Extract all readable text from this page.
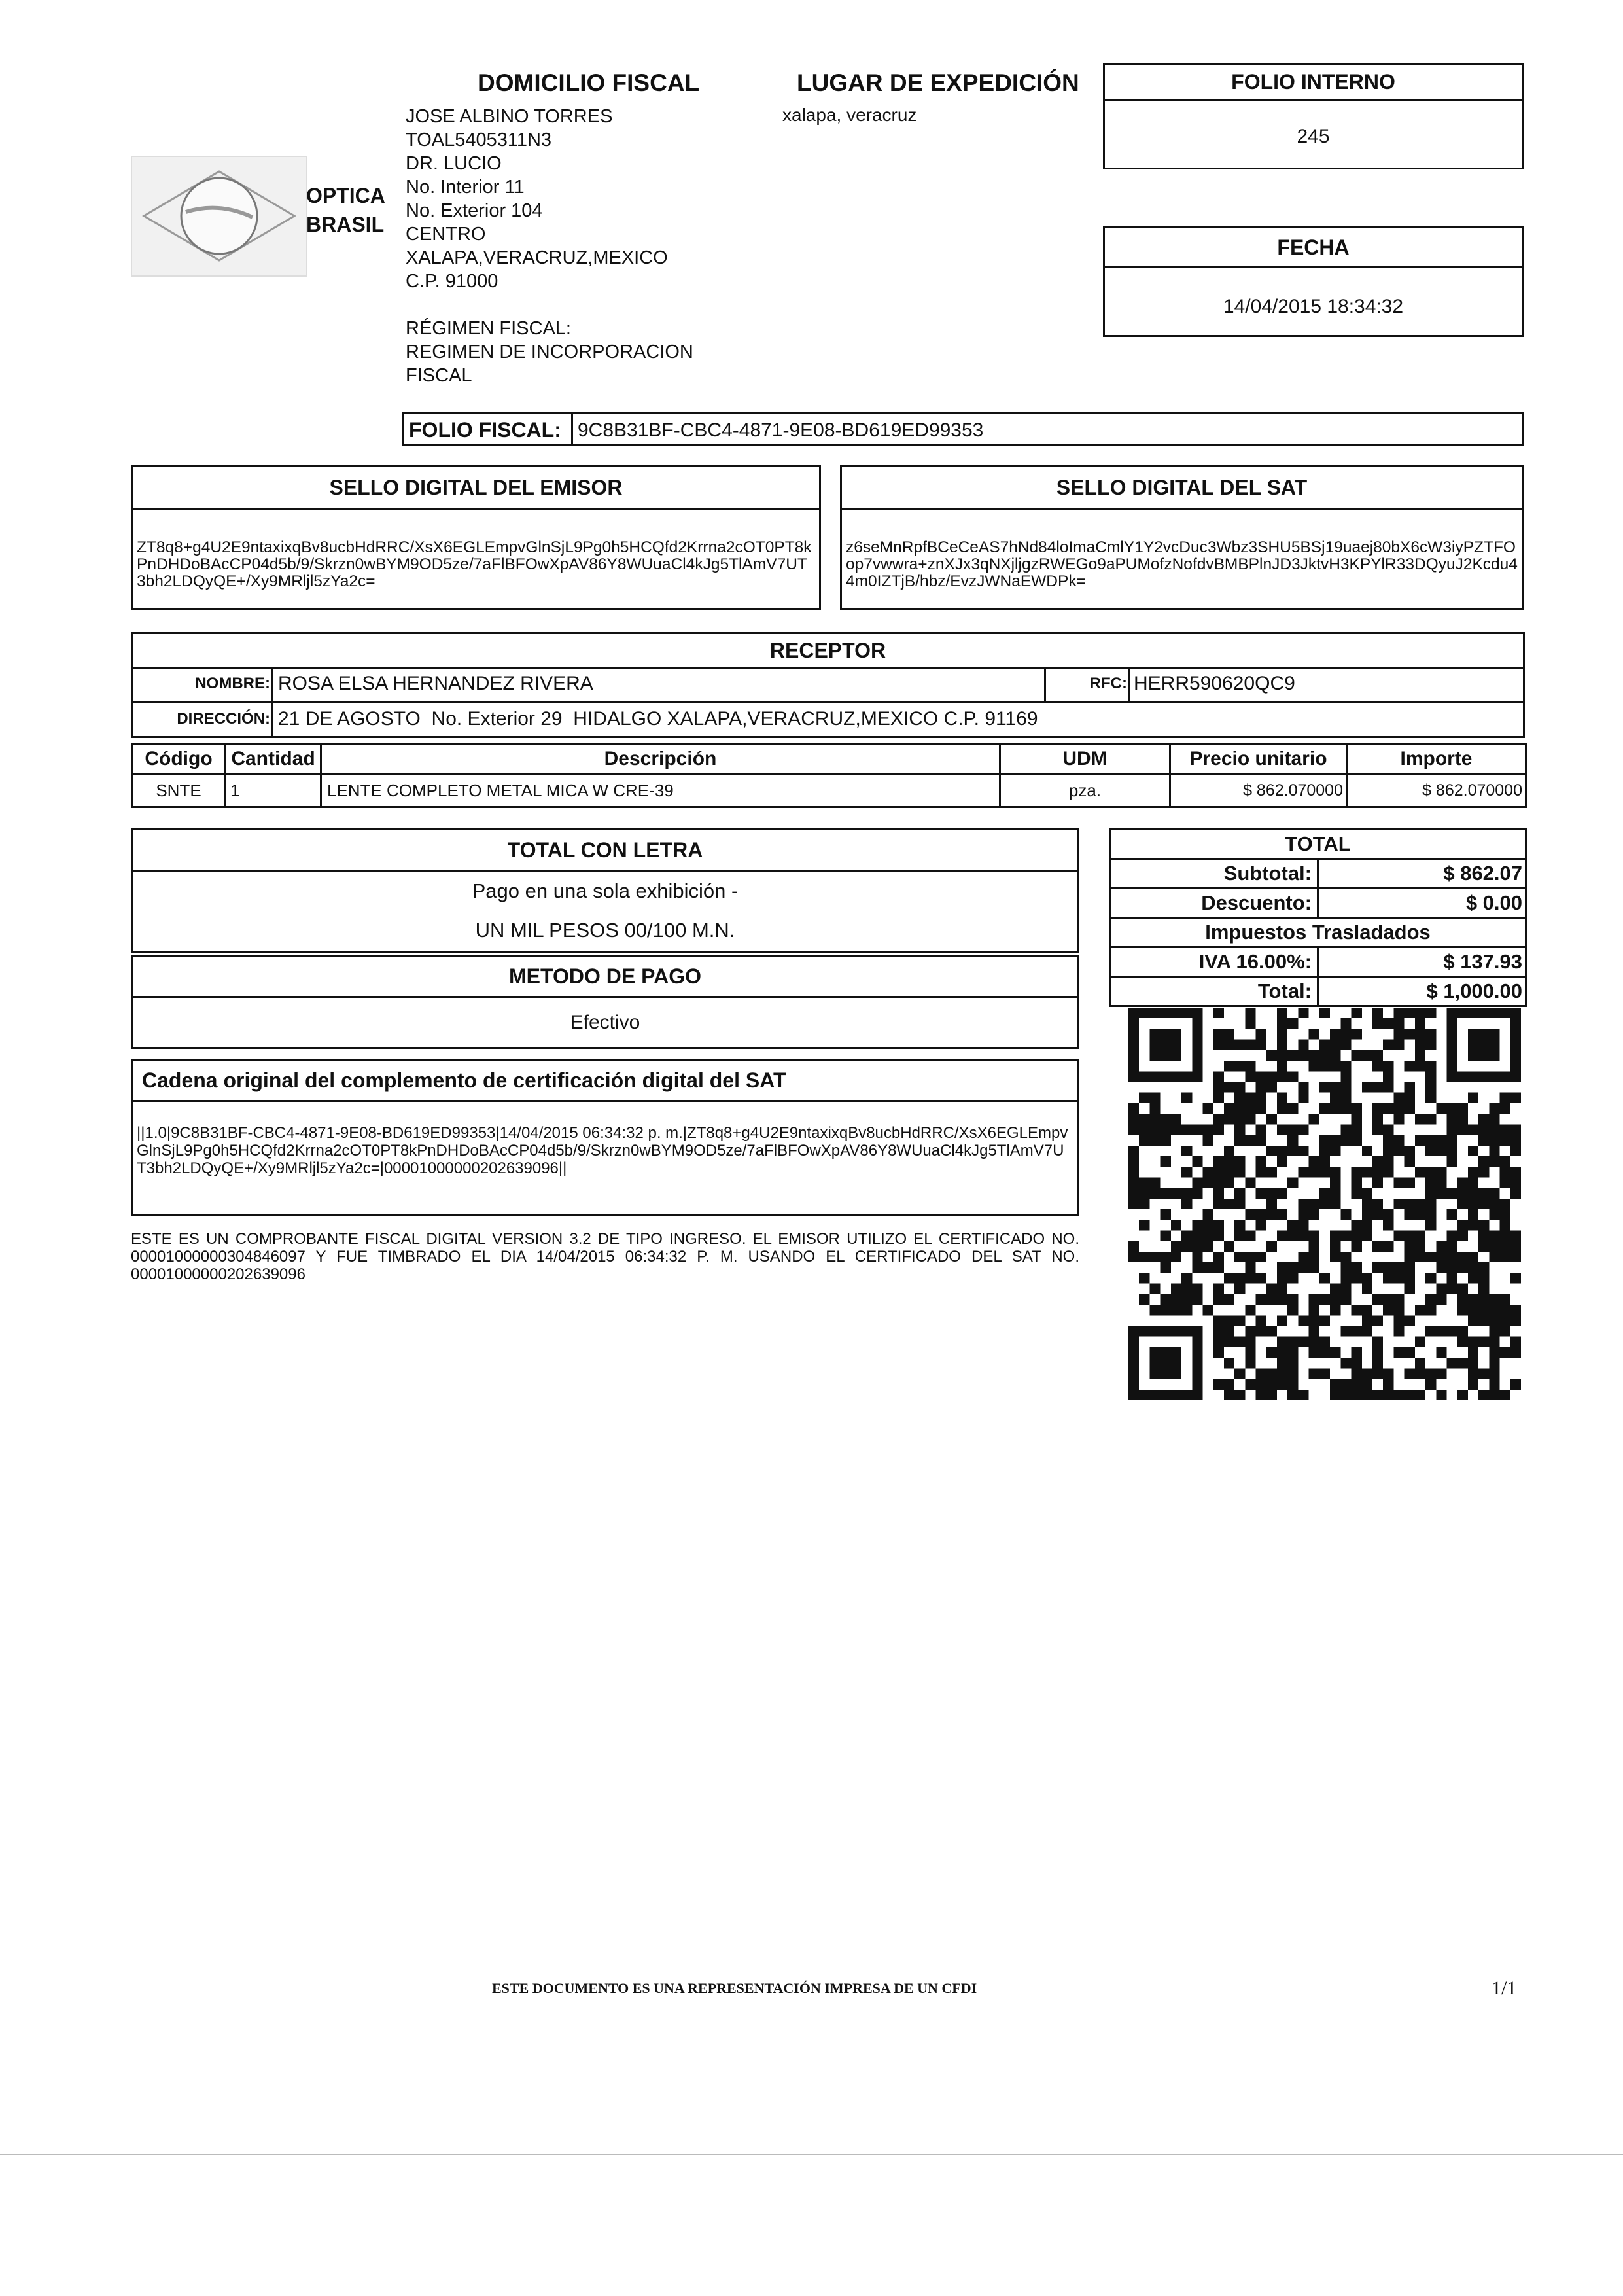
OPTICA
BRASIL
DOMICILIO FISCAL
JOSE ALBINO TORRES
TOAL5405311N3
DR. LUCIO
No. Interior 11
No. Exterior 104
CENTRO
XALAPA,VERACRUZ,MEXICO
C.P. 91000
RÉGIMEN FISCAL:
REGIMEN DE INCORPORACION
FISCAL
LUGAR DE EXPEDICIÓN
xalapa, veracruz
FOLIO INTERNO
245
FECHA
14/04/2015 18:34:32
FOLIO FISCAL: 9C8B31BF-CBC4-4871-9E08-BD619ED99353
SELLO DIGITAL DEL EMISOR
ZT8q8+g4U2E9ntaxixqBv8ucbHdRRC/XsX6EGLEmpvGlnSjL9Pg0h5HCQfd2Krrna2cOT0PT8kPnDHDoBAcCP04d5b/9/Skrzn0wBYM9OD5ze/7aFlBFOwXpAV86Y8WUuaCl4kJg5TlAmV7UT3bh2LDQyQE+/Xy9MRljl5zYa2c=
SELLO DIGITAL DEL SAT
z6seMnRpfBCeCeAS7hNd84loImaCmlY1Y2vcDuc3Wbz3SHU5BSj19uaej80bX6cW3iyPZTFOop7vwwra+znXJx3qNXjljgzRWEGo9aPUMofzNofdvBMBPlnJD3JktvH3KPYlR33DQyuJ2Kcdu44m0IZTjB/hbz/EvzJWNaEWDPk=
RECEPTOR
NOMBRE: ROSA ELSA HERNANDEZ RIVERA	RFC: HERR590620QC9
DIRECCIÓN: 21 DE AGOSTO  No. Exterior 29  HIDALGO XALAPA,VERACRUZ,MEXICO C.P. 91169
Código	Cantidad	Descripción	UDM	Precio unitario	Importe
SNTE	1	LENTE COMPLETO METAL MICA W CRE-39	pza.	$ 862.070000	$ 862.070000
TOTAL CON LETRA
Pago en una sola exhibición -
UN MIL PESOS 00/100 M.N.
METODO DE PAGO
Efectivo
Cadena original del complemento de certificación digital del SAT
||1.0|9C8B31BF-CBC4-4871-9E08-BD619ED99353|14/04/2015 06:34:32 p. m.|ZT8q8+g4U2E9ntaxixqBv8ucbHdRRC/XsX6EGLEmpvGlnSjL9Pg0h5HCQfd2Krrna2cOT0PT8kPnDHDoBAcCP04d5b/9/Skrzn0wBYM9OD5ze/7aFlBFOwXpAV86Y8WUuaCl4kJg5TlAmV7UT3bh2LDQyQE+/Xy9MRljl5zYa2c=|00001000000202639096||
ESTE ES UN COMPROBANTE FISCAL DIGITAL VERSION 3.2 DE TIPO INGRESO. EL EMISOR UTILIZO EL CERTIFICADO NO. 00001000000304846097 Y FUE TIMBRADO EL DIA 14/04/2015 06:34:32 P. M. USANDO EL CERTIFICADO DEL SAT NO. 00001000000202639096
TOTAL	
Subtotal:	$ 862.07
Descuento:	$ 0.00
Impuestos Trasladados	
IVA 16.00%:	$ 137.93
Total:	$ 1,000.00
ESTE DOCUMENTO ES UNA REPRESENTACIÓN IMPRESA DE UN CFDI	1/1
